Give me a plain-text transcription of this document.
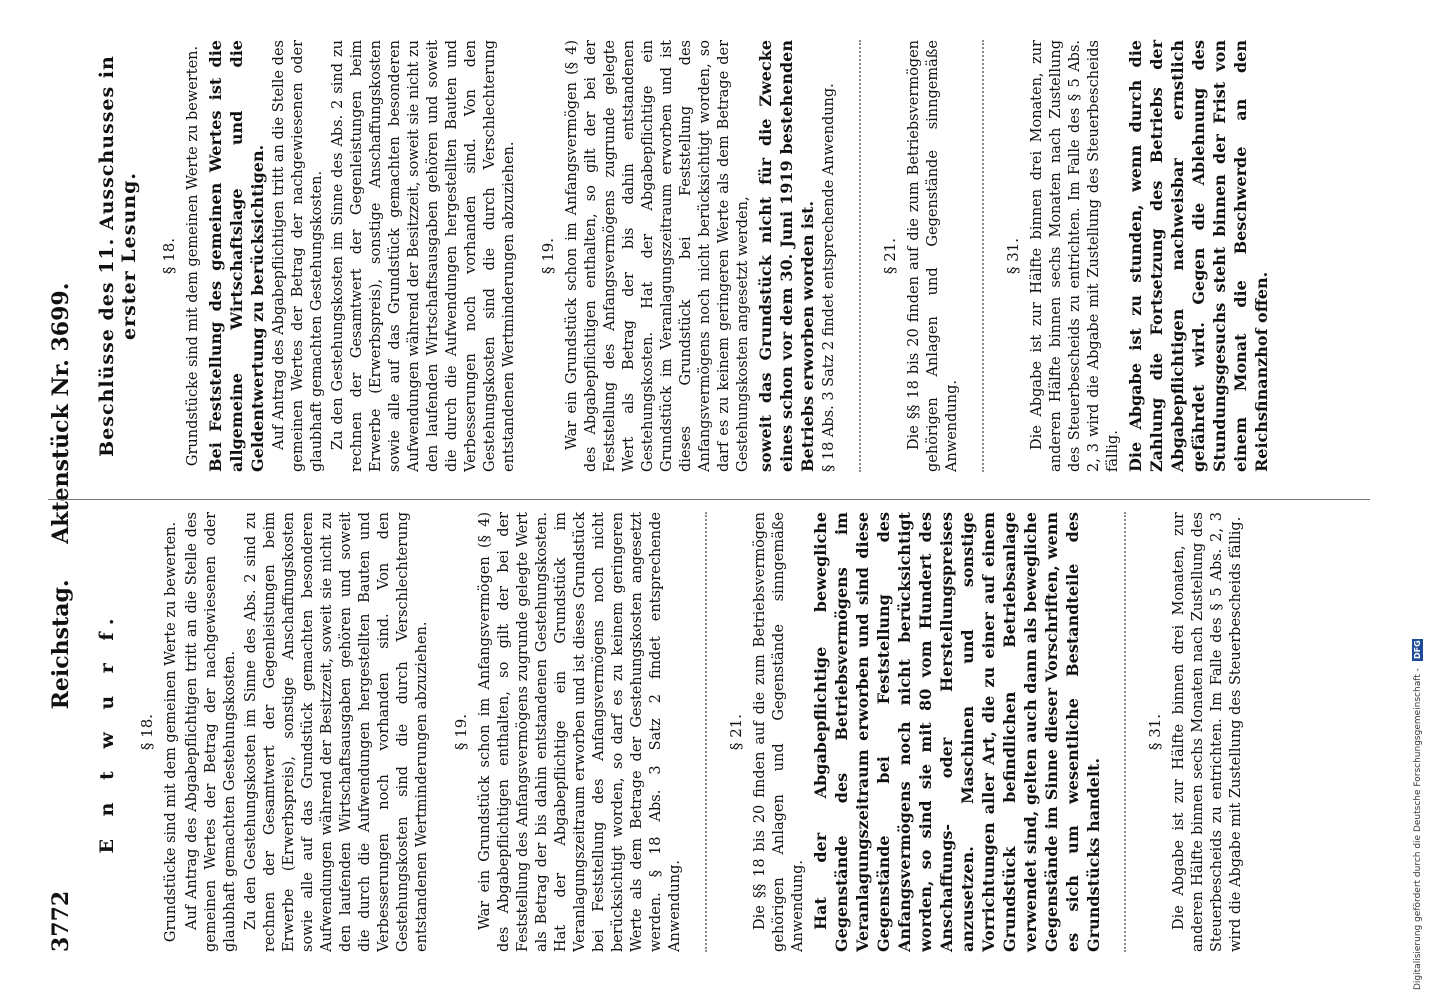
3772
Reichstag. Aktenstück Nr. 3699.
E n t w u r f. § 18. Grundstücke sind mit dem gemeinen Werte zu bewerten. Auf Antrag des Abgabepflichtigen tritt an die Stelle des gemeinen Wertes der Betrag der nachgewiesenen oder glaubhaft gemachten Gestehungskosten. Zu den Gestehungskosten im Sinne des Abs. 2 sind zu rechnen der Gesamtwert der Gegenleistungen beim Erwerbe (Erwerbspreis), sonstige Anschaffungskosten sowie alle auf das Grundstück gemachten besonderen Aufwendungen während der Besitzzeit, soweit sie nicht zu den laufenden Wirtschaftsausgaben gehören und soweit die durch die Aufwendungen hergestellten Bauten und Verbesserungen noch vorhanden sind. Von den Gestehungskosten sind die durch Verschlechterung entstandenen Wertminderungen abzuziehen. § 19. War ein Grundstück schon im Anfangsvermögen (§ 4) des Abgabepflichtigen enthalten, so gilt der bei der Feststellung des Anfangsvermögens zugrunde gelegte Wert als Betrag der bis dahin entstandenen Gestehungskosten. Hat der Abgabepflichtige ein Grundstück im Veranlagungszeitraum erworben und ist dieses Grundstück bei Feststellung des Anfangsvermögens noch nicht berücksichtigt worden, so darf es zu keinem geringeren Werte als dem Betrage der Gestehungskosten angesetzt werden. § 18 Abs. 3 Satz 2 findet entsprechende Anwendung.

§ 21. Die §§ 18 bis 20 finden auf die zum Betriebsvermögen gehörigen Anlagen und Gegenstände sinngemäße Anwendung. Hat der Abgabepflichtige bewegliche Gegenstände des Betriebsvermögens im Veranlagungszeitraum erworben und sind diese Gegenstände bei Feststellung des Anfangsvermögens noch nicht berücksichtigt worden, so sind sie mit 80 vom Hundert des Anschaffungs- oder Herstellungspreises anzusetzen. Maschinen und sonstige Vorrichtungen aller Art, die zu einer auf einem Grundstück befindlichen Betriebsanlage verwendet sind, gelten auch dann als bewegliche Gegenstände im Sinne dieser Vorschriften, wenn es sich um wesentliche Bestandteile des Grundstücks handelt.

§ 31. Die Abgabe ist zur Hälfte binnen drei Monaten, zur anderen Hälfte binnen sechs Monaten nach Zustellung des Steuerbescheids zu entrichten. Im Falle des § 5 Abs. 2, 3 wird die Abgabe mit Zustellung des Steuerbescheids fällig.

Beschlüsse des 11. Ausschusses in erster Lesung. § 18. Grundstücke sind mit dem gemeinen Werte zu bewerten. Bei Feststellung des gemeinen Wertes ist die allgemeine Wirtschaftslage und die Geldentwertung zu berücksichtigen. Auf Antrag des Abgabepflichtigen tritt an die Stelle des gemeinen Wertes der Betrag der nachgewiesenen oder glaubhaft gemachten Gestehungskosten. Zu den Gestehungskosten im Sinne des Abs. 2 sind zu rechnen der Gesamtwert der Gegenleistungen beim Erwerbe (Erwerbspreis), sonstige Anschaffungskosten sowie alle auf das Grundstück gemachten besonderen Aufwendungen während der Besitzzeit, soweit sie nicht zu den laufenden Wirtschaftsausgaben gehören und soweit die durch die Aufwendungen hergestellten Bauten und Verbesserungen noch vorhanden sind. Von den Gestehungskosten sind die durch Verschlechterung entstandenen Wertminderungen abzuziehen. § 19. War ein Grundstück schon im Anfangsvermögen (§ 4) des Abgabepflichtigen enthalten, so gilt der bei der Feststellung des Anfangsvermögens zugrunde gelegte Wert als Betrag der bis dahin entstandenen Gestehungskosten. Hat der Abgabepflichtige ein Grundstück im Veranlagungszeitraum erworben und ist dieses Grundstück bei Feststellung des Anfangsvermögens noch nicht berücksichtigt worden, so darf es zu keinem geringeren Werte als dem Betrage der Gestehungskosten angesetzt werden, soweit das Grundstück nicht für die Zwecke eines schon vor dem 30. Juni 1919 bestehenden Betriebs erworben worden ist. § 18 Abs. 3 Satz 2 findet entsprechende Anwendung.	§ 21. Die §§ 18 bis 20 finden auf die zum Betriebsvermögen gehörigen Anlagen und Gegenstände sinngemäße Anwendung.

§ 31. Die Abgabe ist zur Hälfte binnen drei Monaten, zur anderen Hälfte binnen sechs Monaten nach Zustellung des Steuerbescheids zu entrichten. Im Falle des § 5 Abs. 2, 3 wird die Abgabe mit Zustellung des Steuerbescheids fällig. Die Abgabe ist zu stunden, wenn durch die Zahlung die Fortsetzung des Betriebs der Abgabepflichtigen nachweisbar ernstlich gefährdet wird. Gegen die Ablehnung des Stundungsgesuchs steht binnen der Frist von einem Monat die Beschwerde an den Reichsfinanzhof offen.

Digitalisierung gefördert durch die Deutsche Forschungsgemeinschaft - DFG
